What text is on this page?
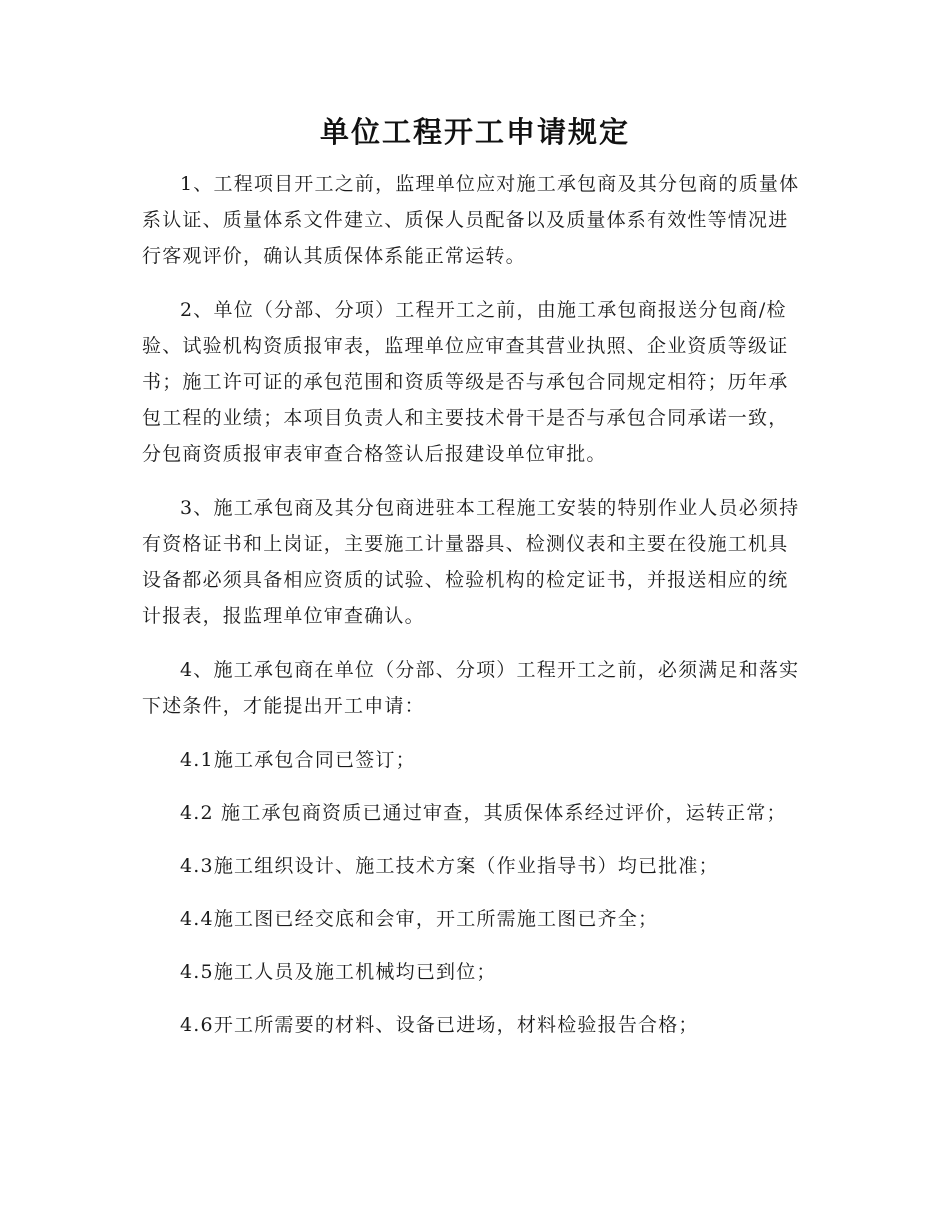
单位工程开工申请规定

1、工程项目开工之前，监理单位应对施工承包商及其分包商的质量体系认证、质量体系文件建立、质保人员配备以及质量体系有效性等情况进行客观评价，确认其质保体系能正常运转。

2、单位（分部、分项）工程开工之前，由施工承包商报送分包商/检验、试验机构资质报审表，监理单位应审查其营业执照、企业资质等级证书；施工许可证的承包范围和资质等级是否与承包合同规定相符；历年承包工程的业绩；本项目负责人和主要技术骨干是否与承包合同承诺一致，分包商资质报审表审查合格签认后报建设单位审批。

3、施工承包商及其分包商进驻本工程施工安装的特别作业人员必须持有资格证书和上岗证，主要施工计量器具、检测仪表和主要在役施工机具设备都必须具备相应资质的试验、检验机构的检定证书，并报送相应的统计报表，报监理单位审查确认。

4、施工承包商在单位（分部、分项）工程开工之前，必须满足和落实下述条件，才能提出开工申请：

4.1施工承包合同已签订；

4.2 施工承包商资质已通过审查，其质保体系经过评价，运转正常；

4.3施工组织设计、施工技术方案（作业指导书）均已批准；

4.4施工图已经交底和会审，开工所需施工图已齐全；

4.5施工人员及施工机械均已到位；

4.6开工所需要的材料、设备已进场，材料检验报告合格；
